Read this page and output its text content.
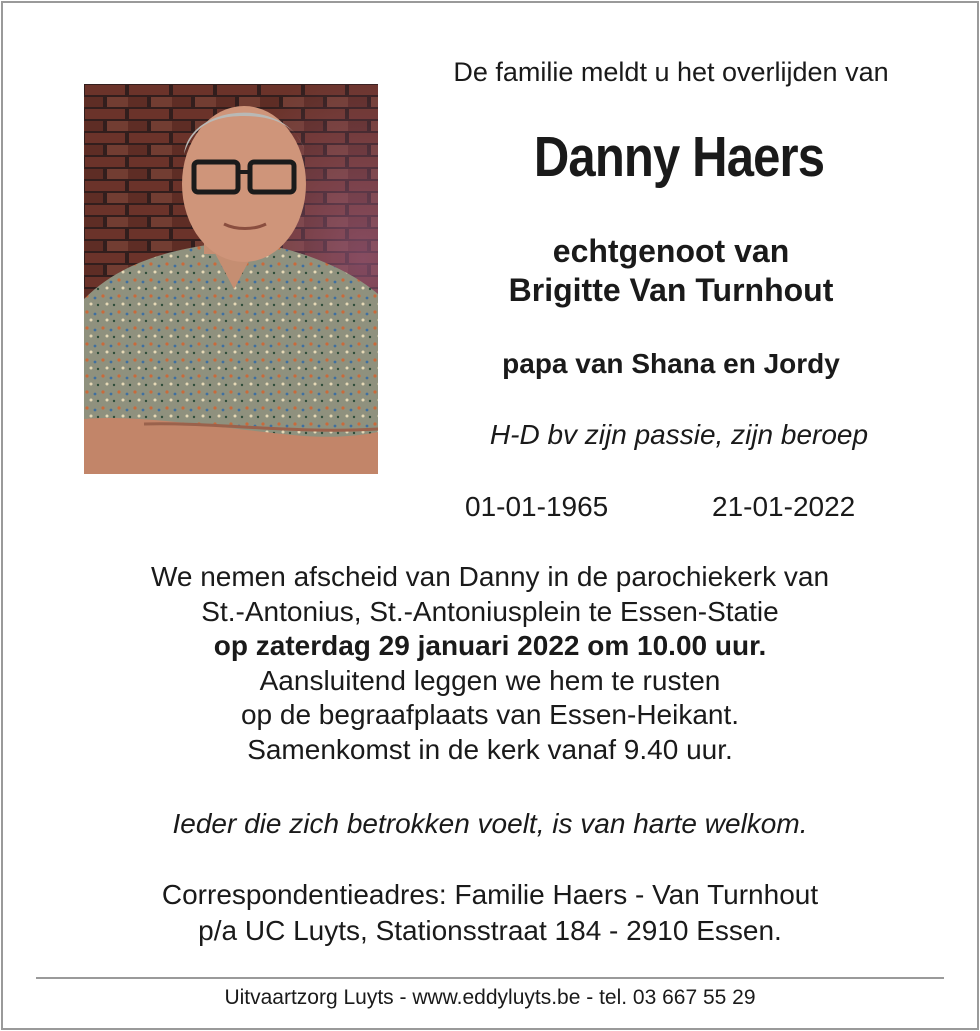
De familie meldt u het overlijden van
Danny Haers
echtgenoot van
Brigitte Van Turnhout
papa van Shana en Jordy
H-D bv zijn passie, zijn beroep
01-01-1965	21-01-2022
We nemen afscheid van Danny in de parochiekerk van
St.-Antonius, St.-Antoniusplein te Essen-Statie
op zaterdag 29 januari 2022 om 10.00 uur.
Aansluitend leggen we hem te rusten
op de begraafplaats van Essen-Heikant.
Samenkomst in de kerk vanaf 9.40 uur.
Ieder die zich betrokken voelt, is van harte welkom.
Correspondentieadres: Familie Haers - Van Turnhout
p/a UC Luyts, Stationsstraat 184 - 2910 Essen.
Uitvaartzorg Luyts - www.eddyluyts.be - tel. 03 667 55 29
